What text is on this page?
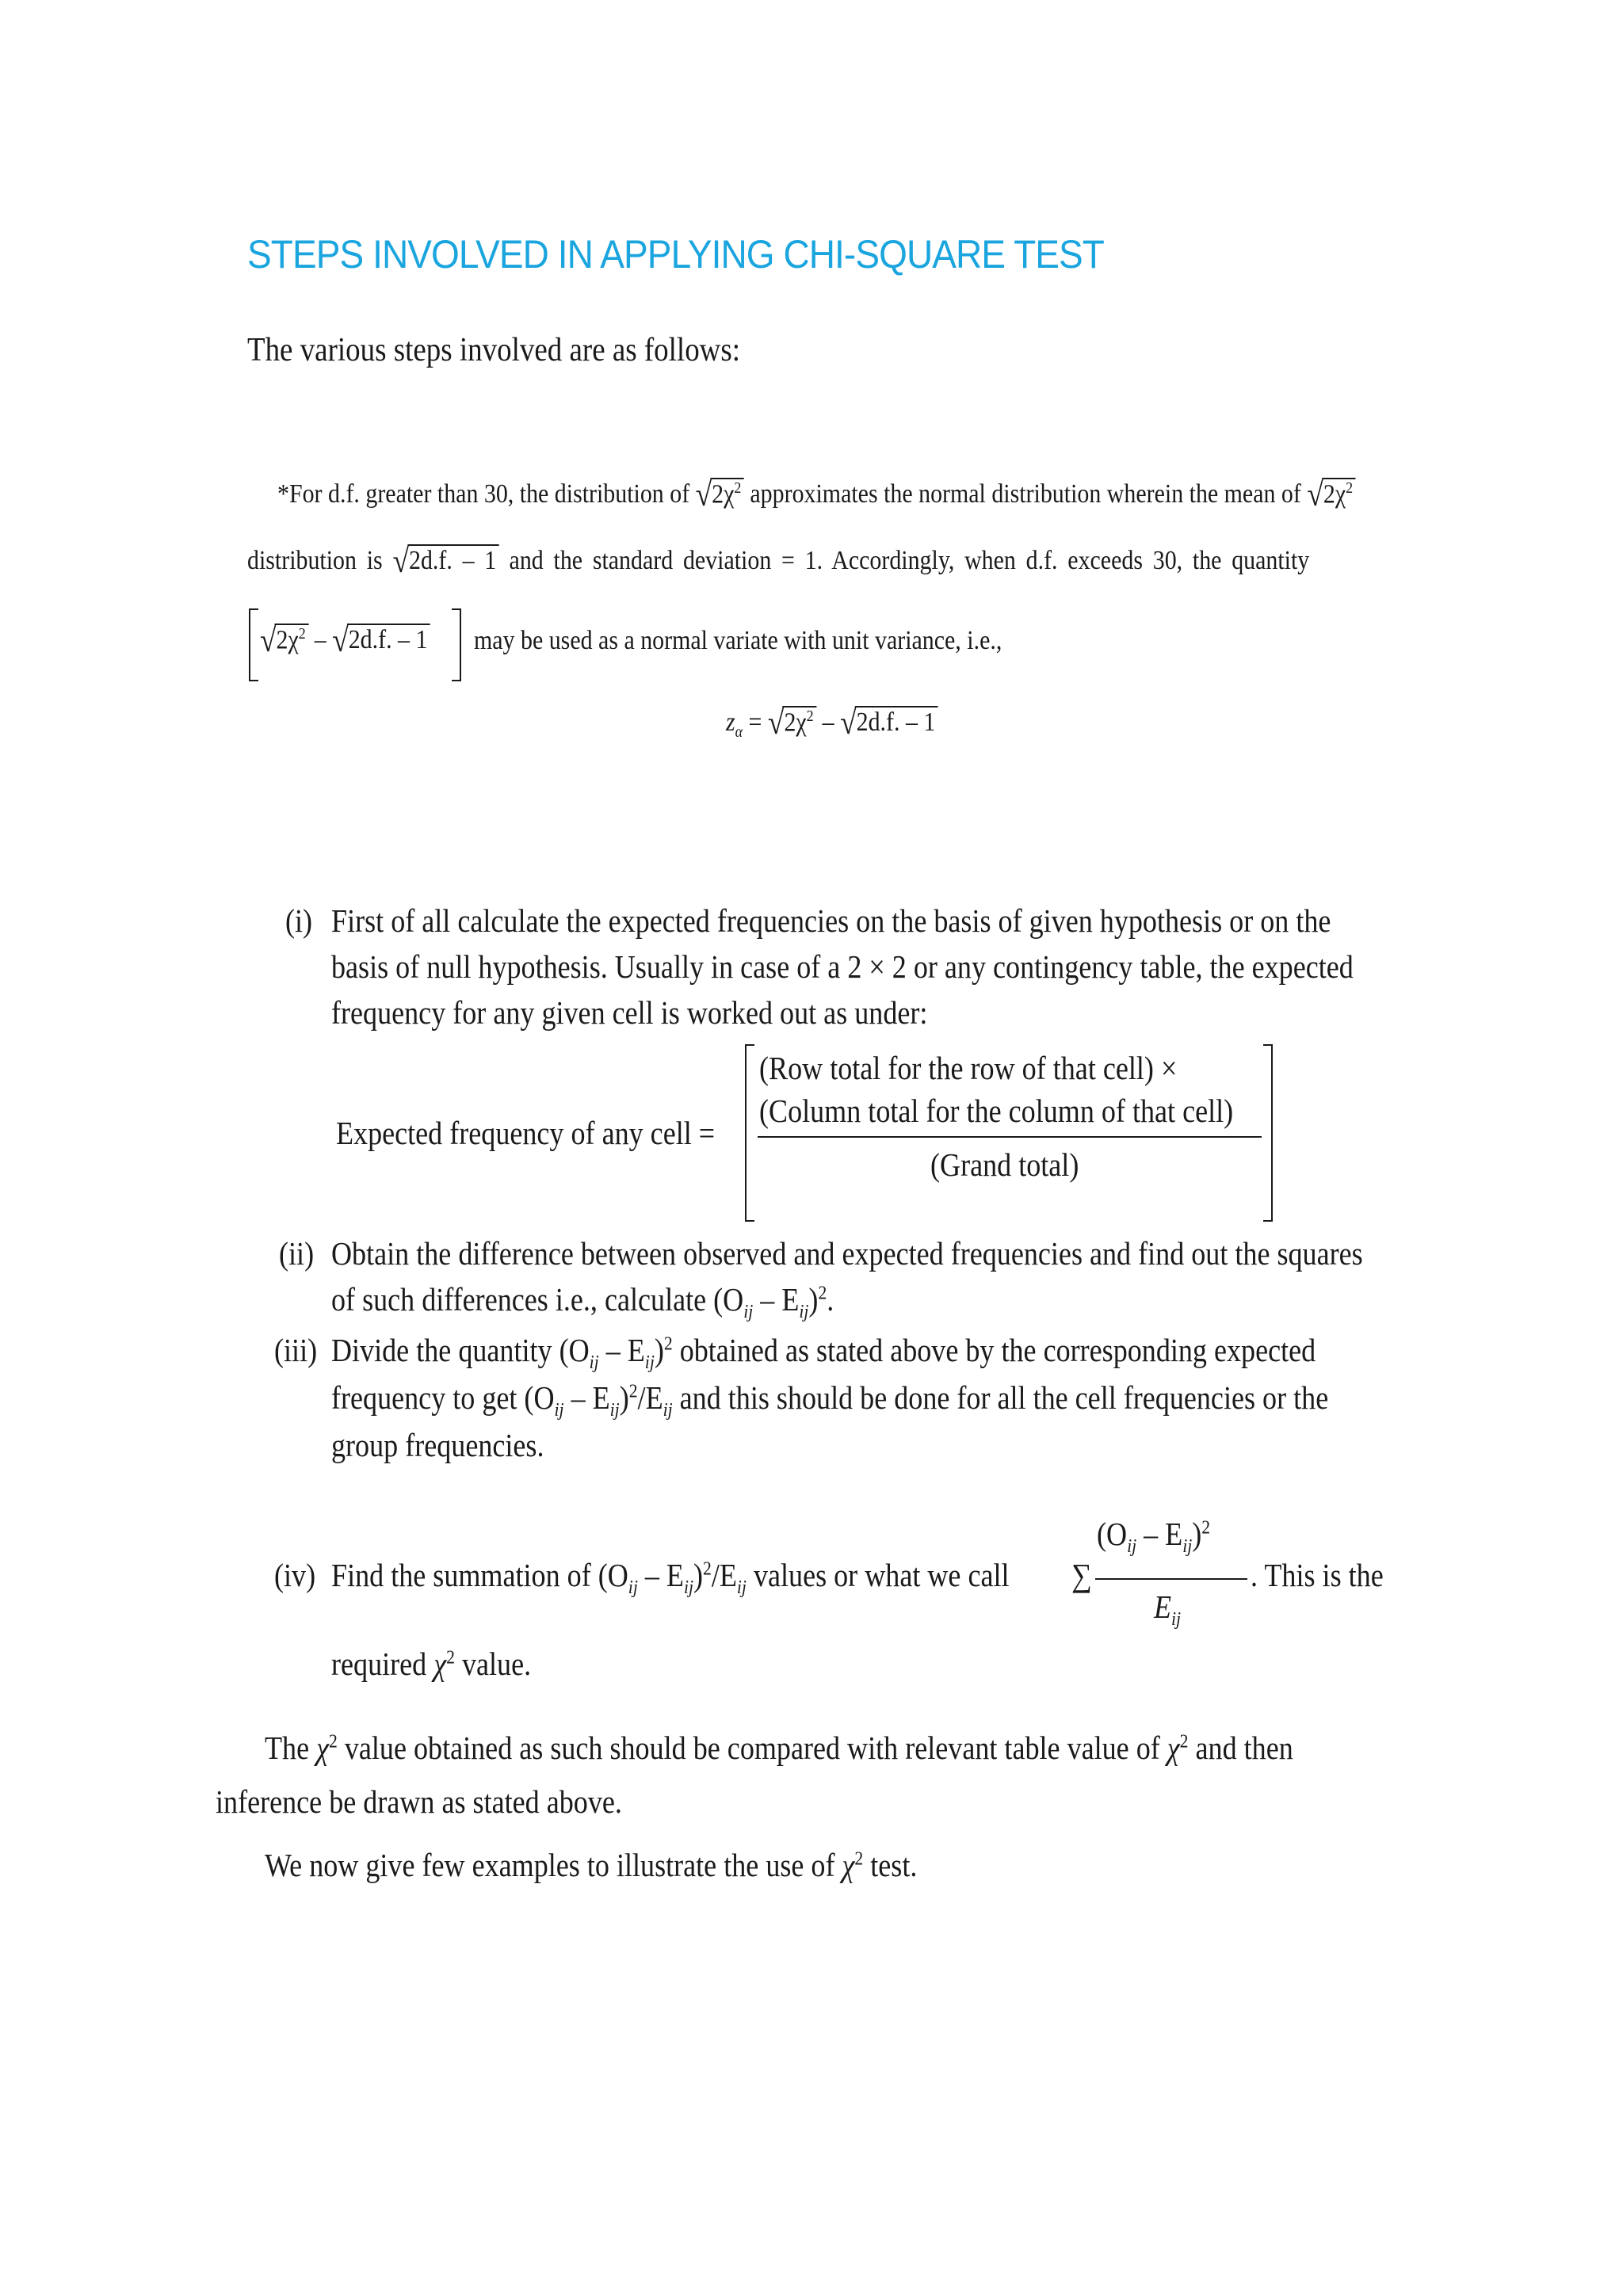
STEPS INVOLVED IN APPLYING CHI-SQUARE TEST
The various steps involved are as follows:
*For d.f. greater than 30, the distribution of $√2\chi^2$ approximates the normal distribution wherein the mean of $√2\chi^2$
distribution is √2d.f. – 1 and the standard deviation = 1. Accordingly, when d.f. exceeds 30, the quantity
$√2\chi^2 - √2d.f$. – 1 may be used as a normal variate with unit variance, i.e.,
$z_\alpha = √2\chi^2 - √2d.f$. – 1
(i) First of all calculate the expected frequencies on the basis of given hypothesis or on the
basis of null hypothesis. Usually in case of a 2 × 2 or any contingency table, the expected
frequency for any given cell is worked out as under:
Expected frequency of any cell =
(Row total for the row of that cell) ×
(Column total for the column of that cell)
(Grand total)
(ii) Obtain the difference between observed and expected frequencies and find out the squares
of such differences i.e., calculate $(O_{ij} - E_{ij})^2$.
(iii) Divide the quantity $(O_{ij} - E_{ij})^2$ obtained as stated above by the corresponding expected
frequency to get $(O_{ij} - E_{ij})^2/E_{ij}$ and this should be done for all the cell frequencies or the
group frequencies.
(iv) Find the summation of $(O_{ij} - E_{ij})^2/E_{ij}$ values or what we call ∑
$(O_{ij} - E_{ij})^2$
$E_{ij}$
. This is the
required $\chi^2$ value.
The $\chi^2$ value obtained as such should be compared with relevant table value of $\chi^2$ and then
inference be drawn as stated above.
We now give few examples to illustrate the use of $\chi^2$ test.
